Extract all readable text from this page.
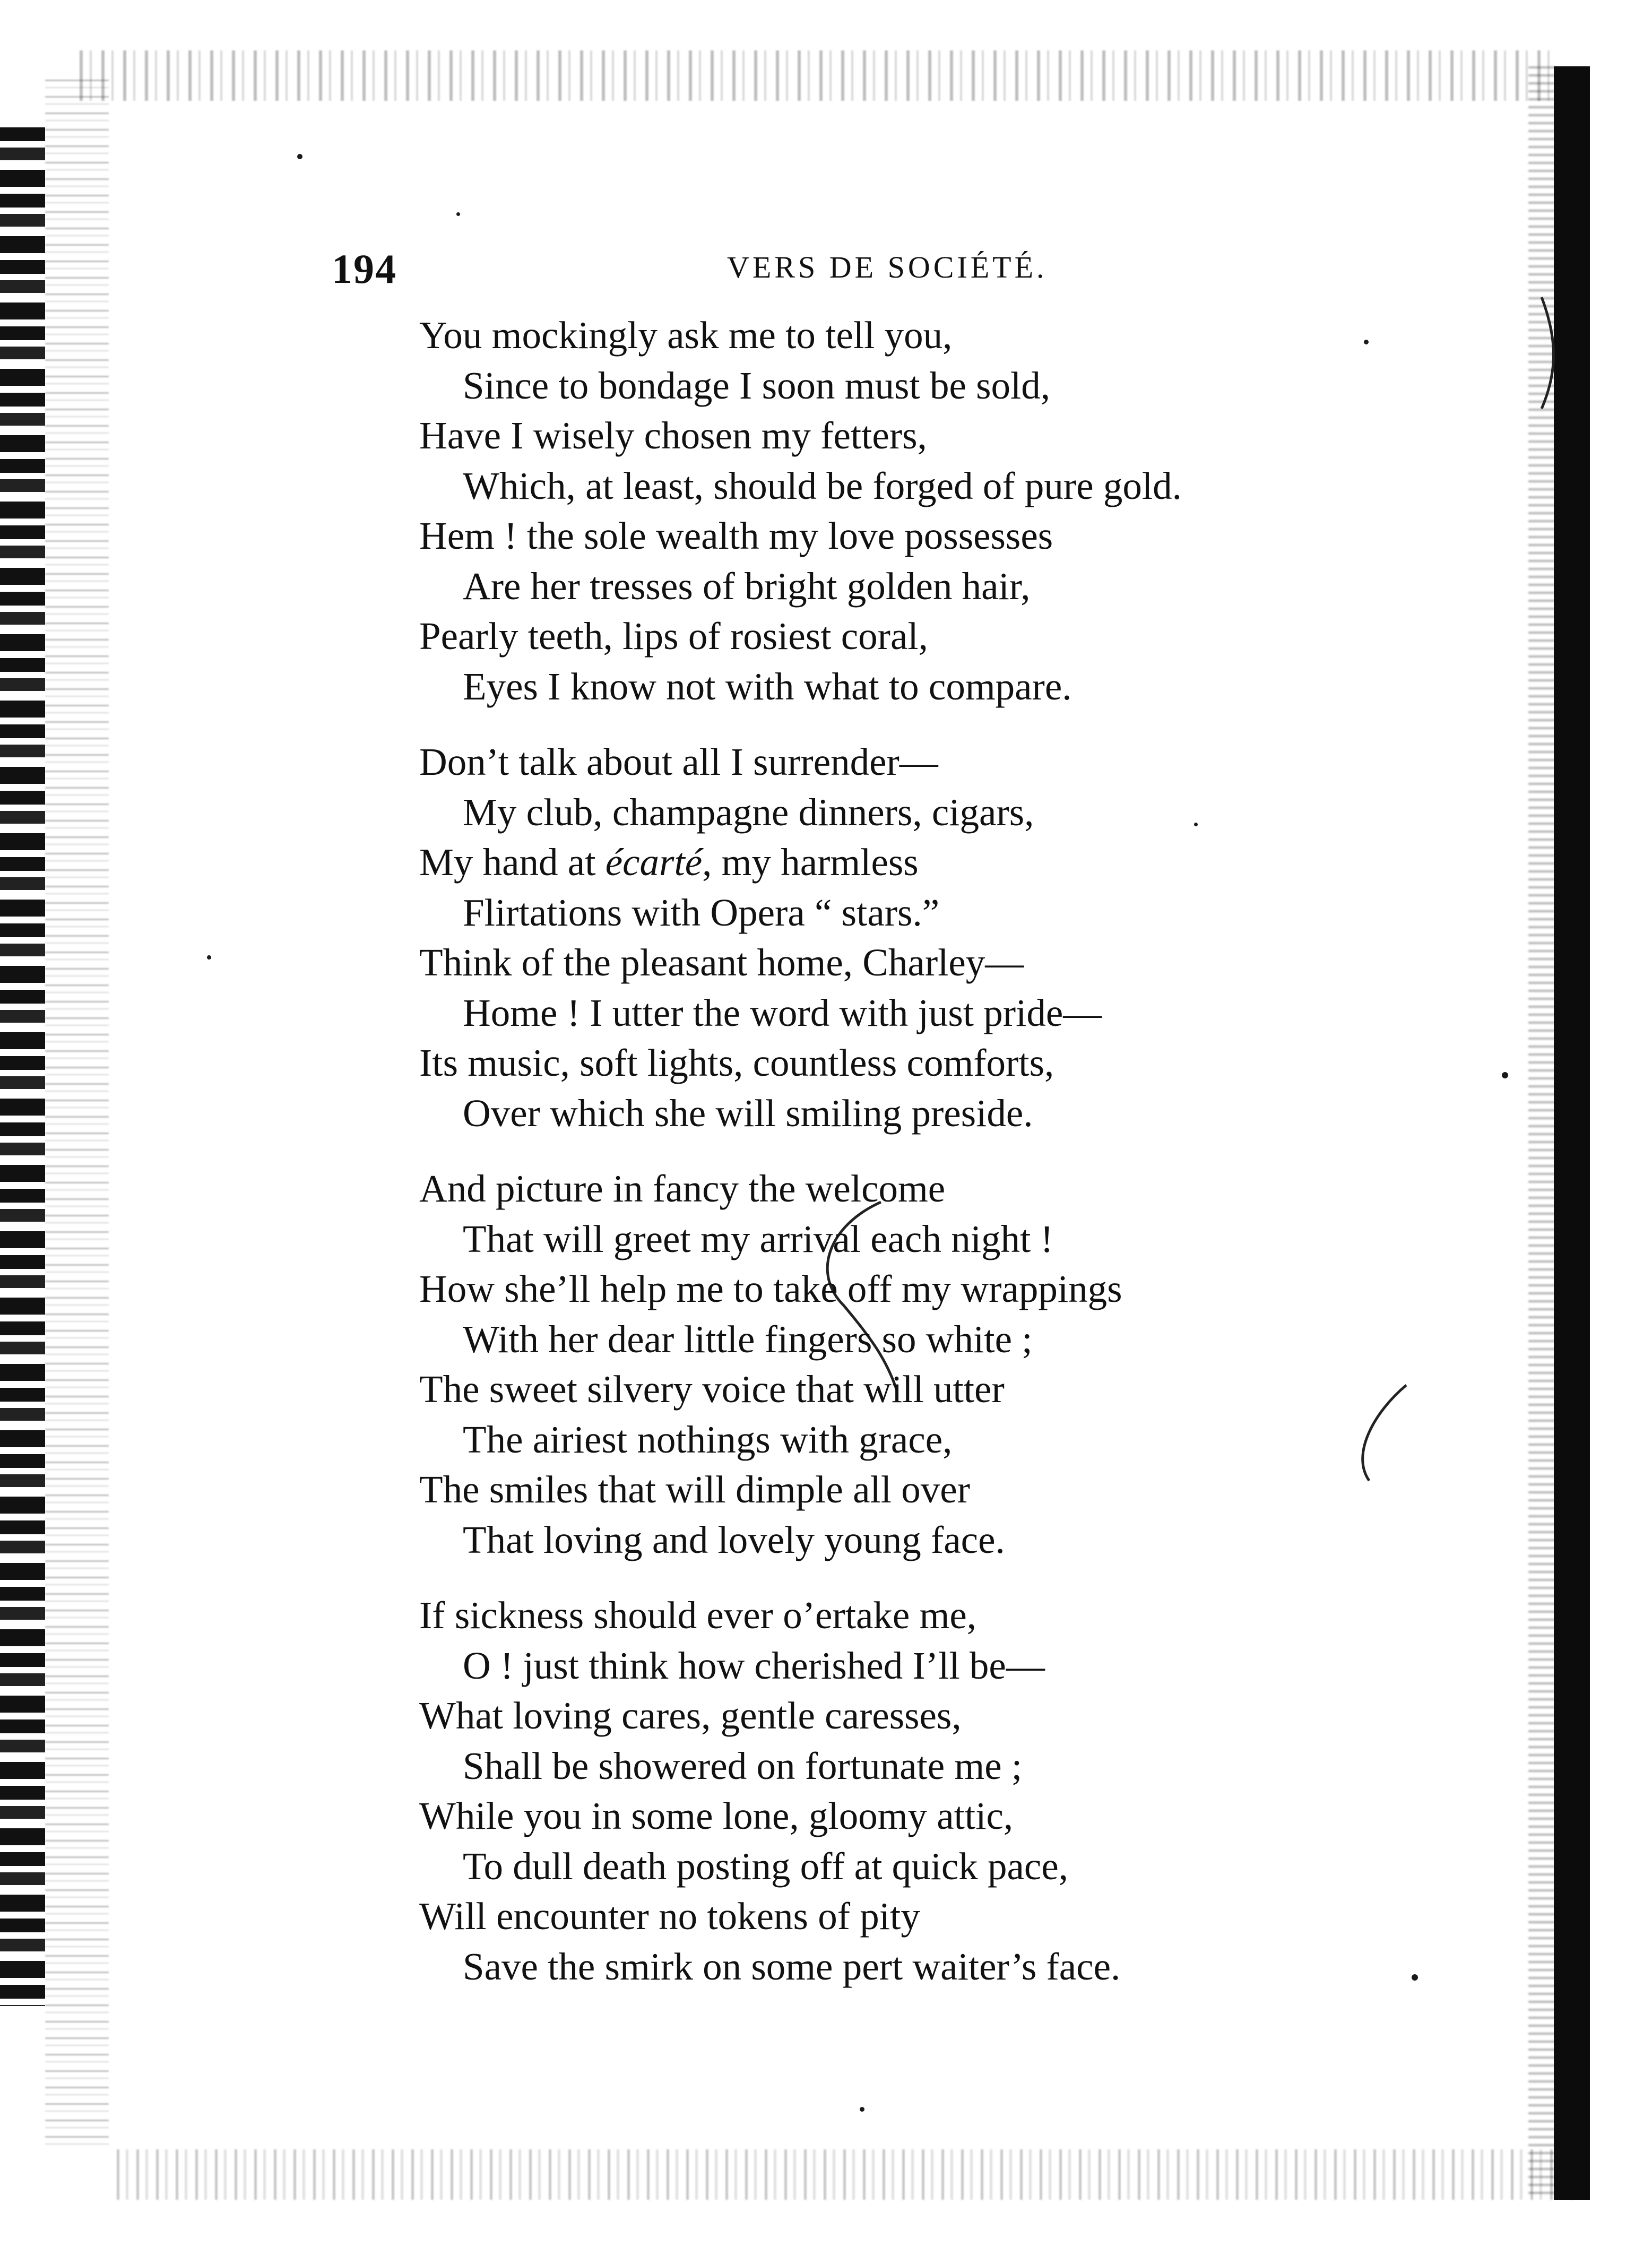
194	VERS DE SOCIÉTÉ.
You mockingly ask me to tell you,
Since to bondage I soon must be sold,
Have I wisely chosen my fetters,
Which, at least, should be forged of pure gold.
Hem ! the sole wealth my love possesses
Are her tresses of bright golden hair,
Pearly teeth, lips of rosiest coral,
Eyes I know not with what to compare.
Don’t talk about all I surrender—
My club, champagne dinners, cigars,
My hand at écarté, my harmless
Flirtations with Opera “ stars.”
Think of the pleasant home, Charley—
Home ! I utter the word with just pride—
Its music, soft lights, countless comforts,
Over which she will smiling preside.
And picture in fancy the welcome
That will greet my arrival each night !
How she’ll help me to take off my wrappings
With her dear little fingers so white ;
The sweet silvery voice that will utter
The airiest nothings with grace,
The smiles that will dimple all over
That loving and lovely young face.
If sickness should ever o’ertake me,
O ! just think how cherished I’ll be—
What loving cares, gentle caresses,
Shall be showered on fortunate me ;
While you in some lone, gloomy attic,
To dull death posting off at quick pace,
Will encounter no tokens of pity
Save the smirk on some pert waiter’s face.
